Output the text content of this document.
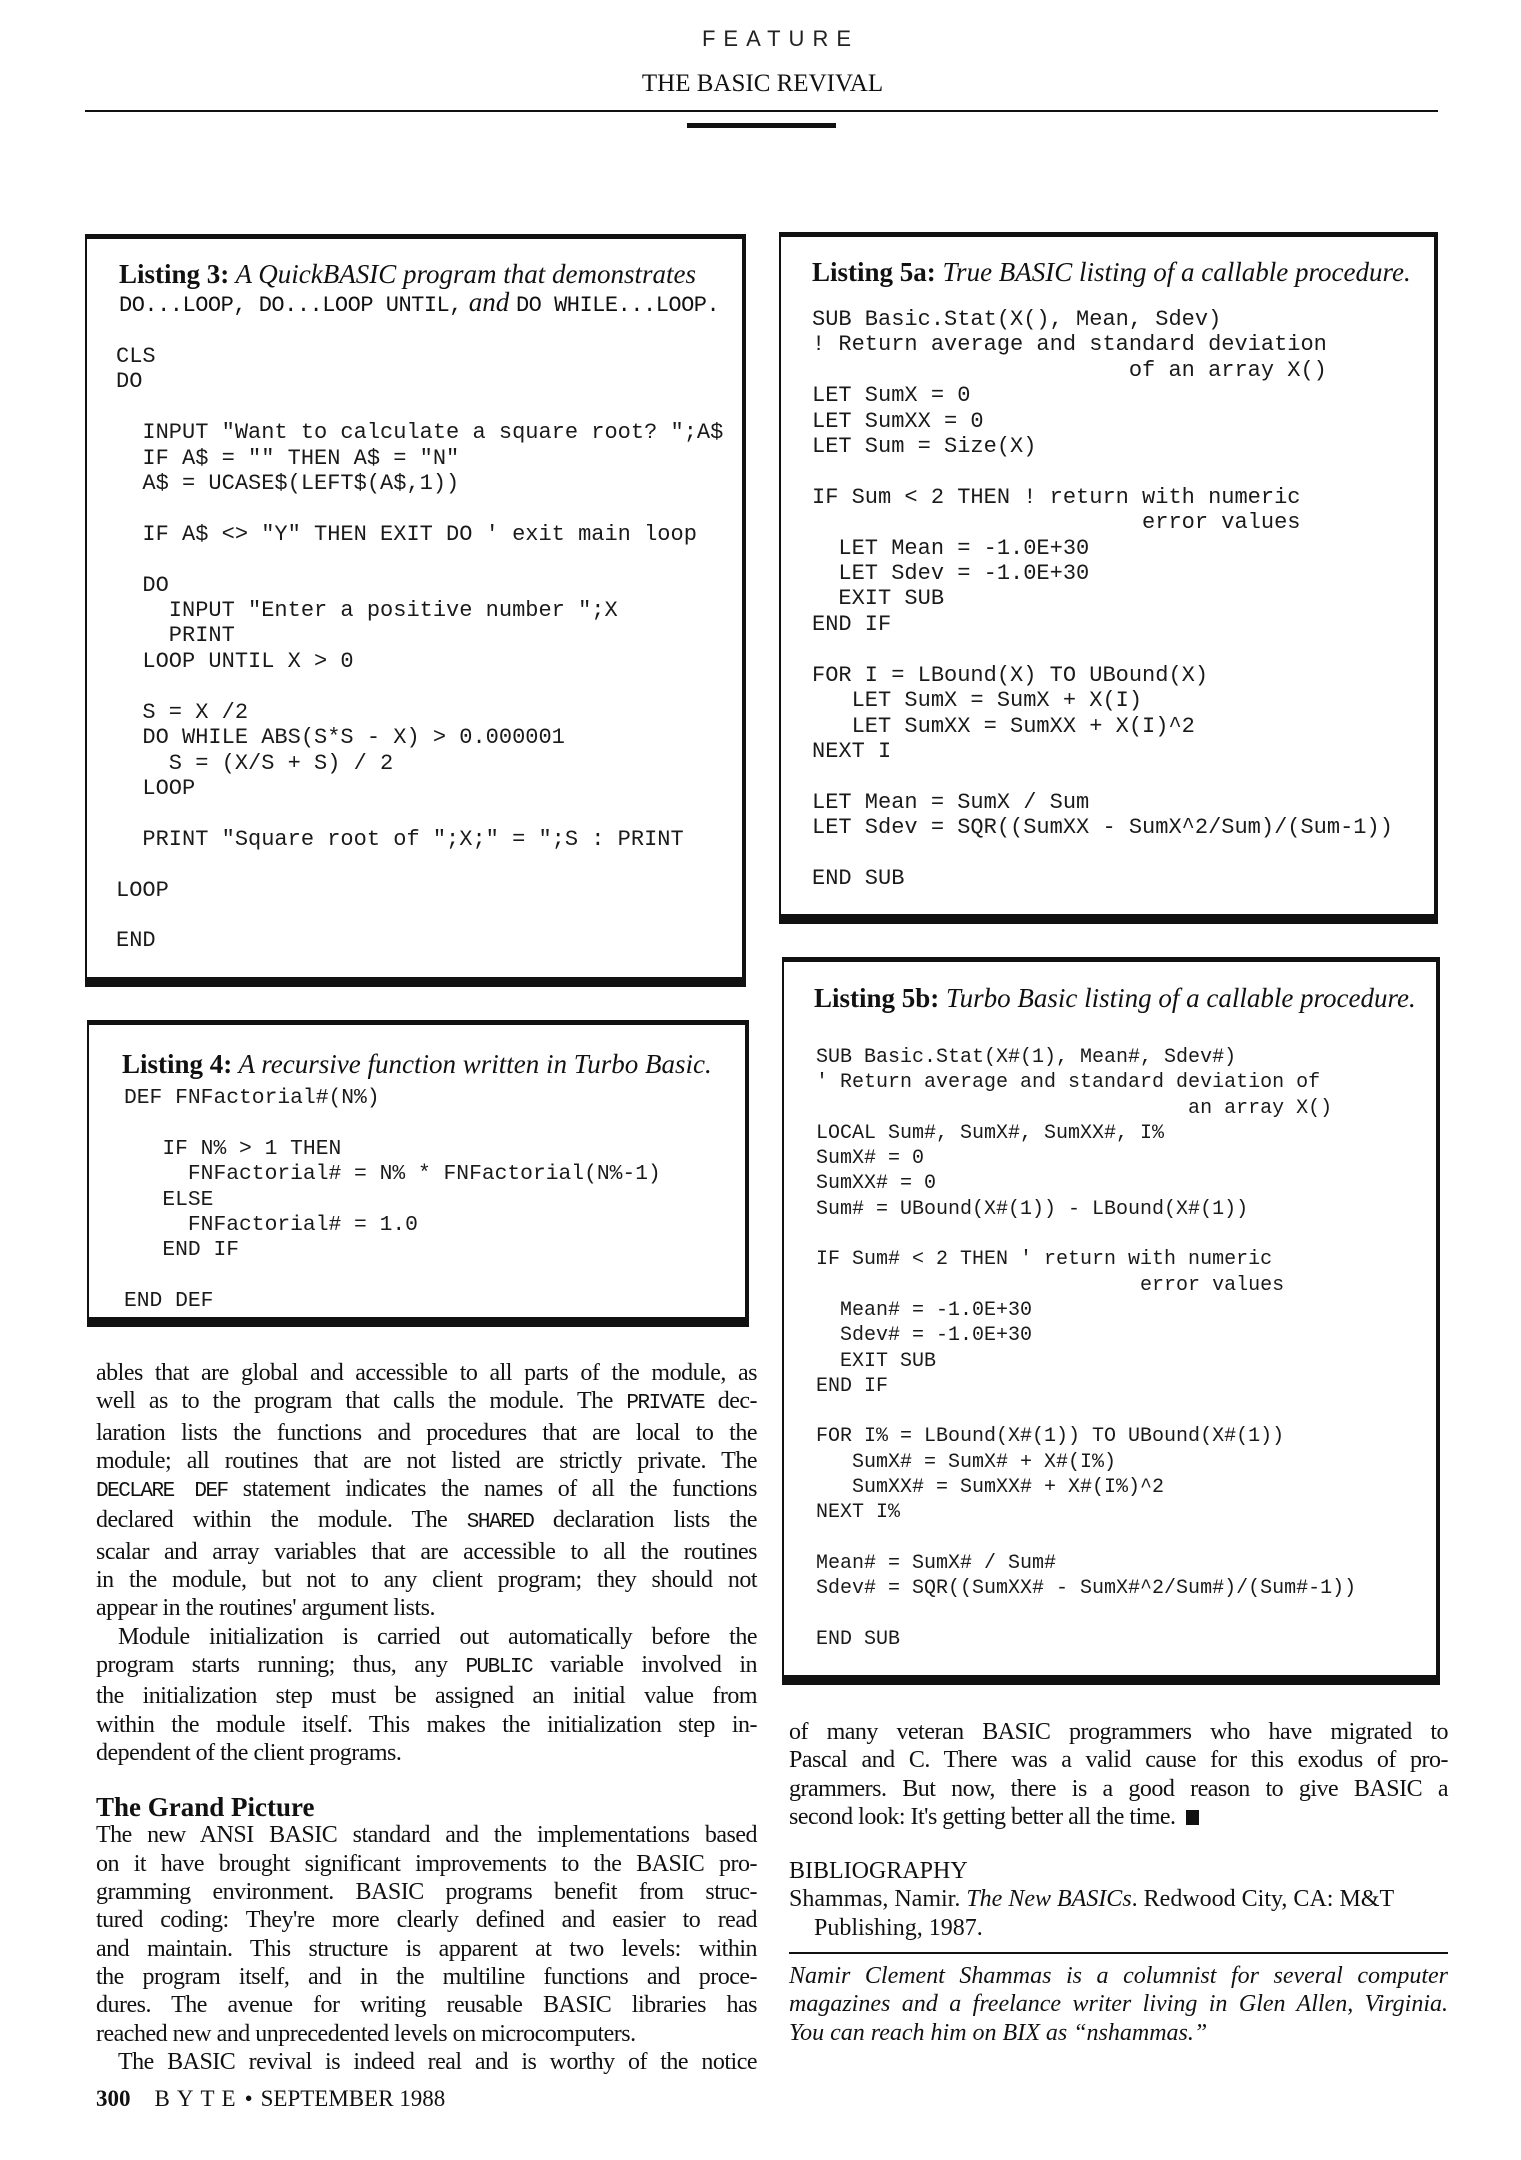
FEATURE
THE BASIC REVIVAL
Listing 3: A QuickBASIC program that demonstrates
DO...LOOP, DO...LOOP UNTIL, and DO WHILE...LOOP.
CLS
DO

INPUT "Want to calculate a square root? ";A$
IF A$ = "" THEN A$ = "N"
A$ = UCASE$(LEFT$(A$,1))

IF A$ <> "Y" THEN EXIT DO ' exit main loop

DO
INPUT "Enter a positive number ";X
PRINT
LOOP UNTIL X > 0

S = X /2
DO WHILE ABS(S*S - X) > 0.000001
S = (X/S + S) / 2
LOOP

PRINT "Square root of ";X;" = ";S : PRINT

LOOP

END
Listing 4: A recursive function written in Turbo Basic.
DEF FNFactorial#(N%)

IF N% > 1 THEN
FNFactorial# = N% * FNFactorial(N%-1)
ELSE
FNFactorial# = 1.0
END IF

END DEF
Listing 5a: True BASIC listing of a callable procedure.
SUB Basic.Stat(X(), Mean, Sdev)
! Return average and standard deviation
of an array X()
LET SumX = 0
LET SumXX = 0
LET Sum = Size(X)

IF Sum < 2 THEN ! return with numeric
error values
LET Mean = -1.0E+30
LET Sdev = -1.0E+30
EXIT SUB
END IF

FOR I = LBound(X) TO UBound(X)
LET SumX = SumX + X(I)
LET SumXX = SumXX + X(I)^2
NEXT I

LET Mean = SumX / Sum
LET Sdev = SQR((SumXX - SumX^2/Sum)/(Sum-1))

END SUB
Listing 5b: Turbo Basic listing of a callable procedure.
SUB Basic.Stat(X#(1), Mean#, Sdev#)
' Return average and standard deviation of
an array X()
LOCAL Sum#, SumX#, SumXX#, I%
SumX# = 0
SumXX# = 0
Sum# = UBound(X#(1)) - LBound(X#(1))

IF Sum# < 2 THEN ' return with numeric
error values
Mean# = -1.0E+30
Sdev# = -1.0E+30
EXIT SUB
END IF

FOR I% = LBound(X#(1)) TO UBound(X#(1))
SumX# = SumX# + X#(I%)
SumXX# = SumXX# + X#(I%)^2
NEXT I%

Mean# = SumX# / Sum#
Sdev# = SQR((SumXX# - SumX#^2/Sum#)/(Sum#-1))

END SUB
ables that are global and accessible to all parts of the module, as
well as to the program that calls the module. The PRIVATE dec-
laration lists the functions and procedures that are local to the
module; all routines that are not listed are strictly private. The
DECLARE DEF statement indicates the names of all the functions
declared within the module. The SHARED declaration lists the
scalar and array variables that are accessible to all the routines
in the module, but not to any client program; they should not
appear in the routines' argument lists.
Module initialization is carried out automatically before the
program starts running; thus, any PUBLIC variable involved in
the initialization step must be assigned an initial value from
within the module itself. This makes the initialization step in-
dependent of the client programs.
The Grand Picture
The new ANSI BASIC standard and the implementations based
on it have brought significant improvements to the BASIC pro-
gramming environment. BASIC programs benefit from struc-
tured coding: They're more clearly defined and easier to read
and maintain. This structure is apparent at two levels: within
the program itself, and in the multiline functions and proce-
dures. The avenue for writing reusable BASIC libraries has
reached new and unprecedented levels on microcomputers.
The BASIC revival is indeed real and is worthy of the notice
of many veteran BASIC programmers who have migrated to
Pascal and C. There was a valid cause for this exodus of pro-
grammers. But now, there is a good reason to give BASIC a
second look: It's getting better all the time.
BIBLIOGRAPHY
Shammas, Namir. The New BASICs. Redwood City, CA: M&T
Publishing, 1987.
Namir Clement Shammas is a columnist for several computer
magazines and a freelance writer living in Glen Allen, Virginia.
You can reach him on BIX as “nshammas.”
300 BYTE• SEPTEMBER 1988
